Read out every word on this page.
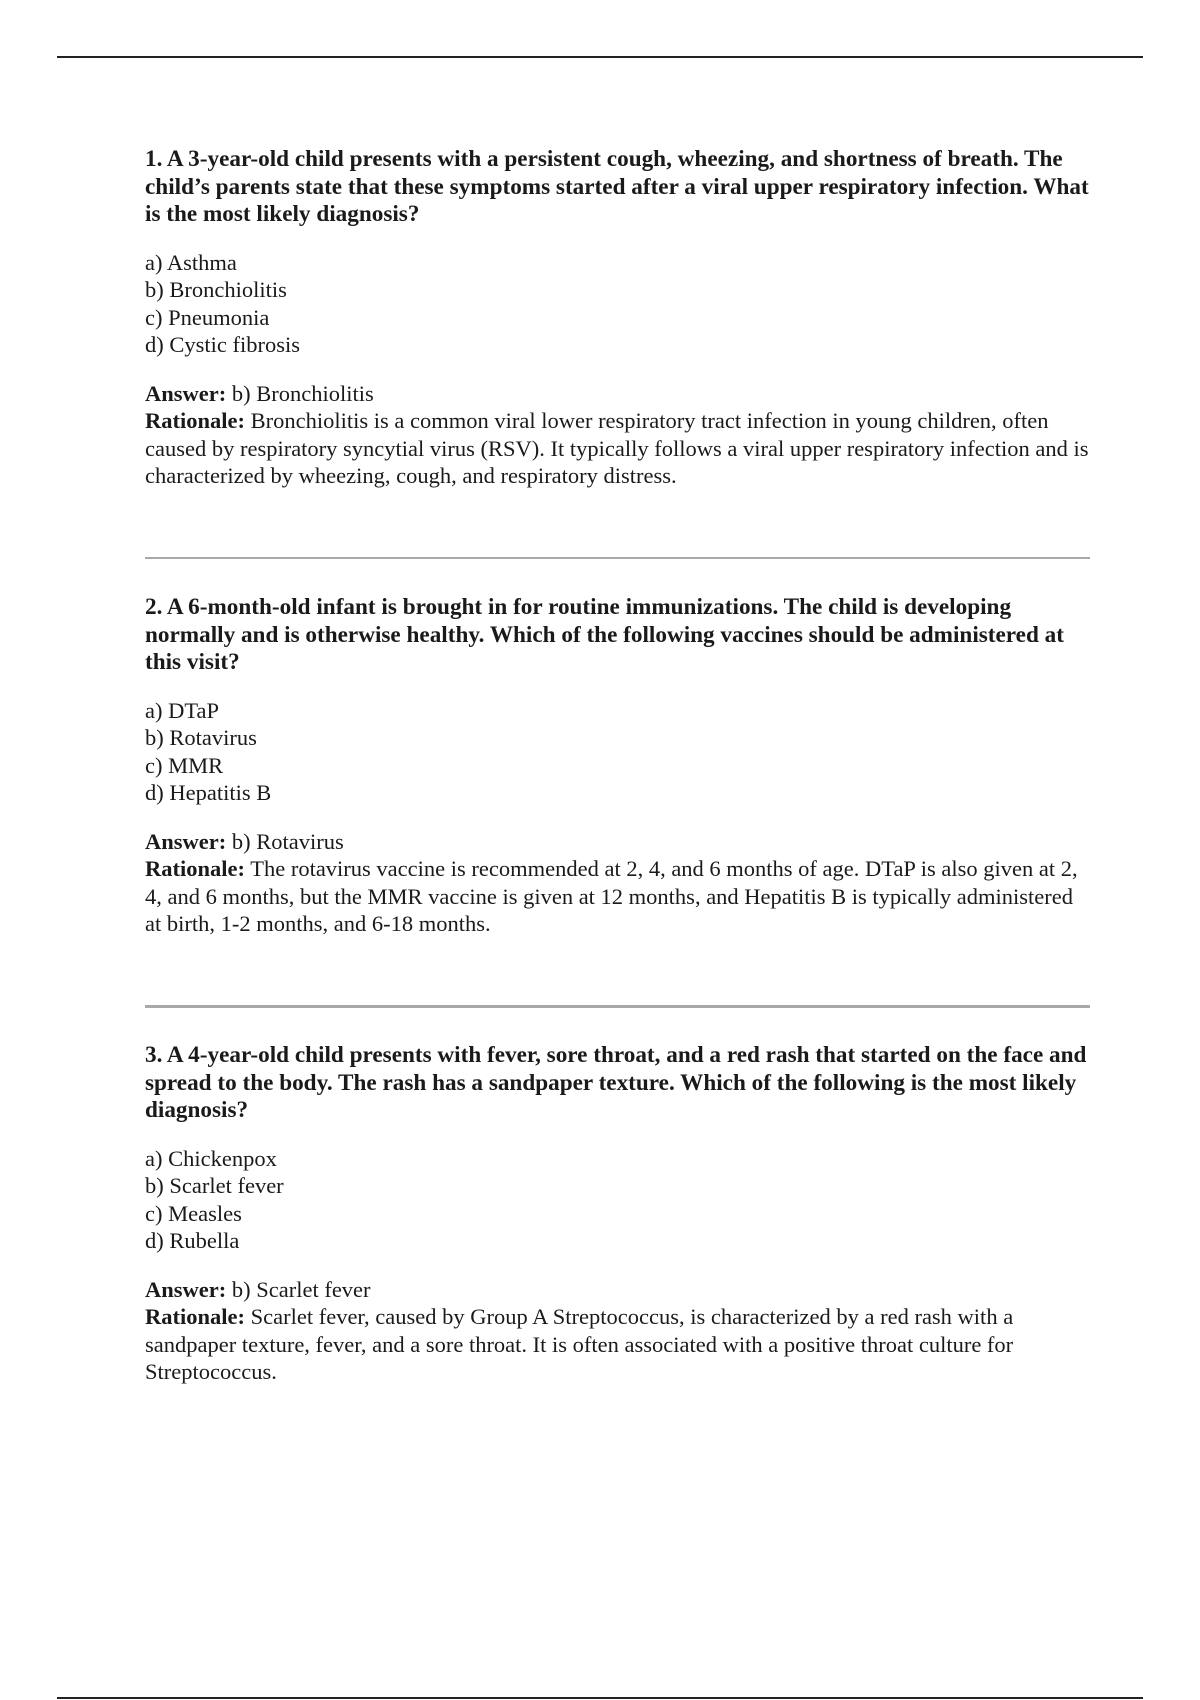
1. A 3-year-old child presents with a persistent cough, wheezing, and shortness of breath. The child’s parents state that these symptoms started after a viral upper respiratory infection. What is the most likely diagnosis?

a) Asthma
b) Bronchiolitis
c) Pneumonia
d) Cystic fibrosis

Answer: b) Bronchiolitis

Rationale: Bronchiolitis is a common viral lower respiratory tract infection in young children, often caused by respiratory syncytial virus (RSV). It typically follows a viral upper respiratory infection and is characterized by wheezing, cough, and respiratory distress.

2. A 6-month-old infant is brought in for routine immunizations. The child is developing normally and is otherwise healthy. Which of the following vaccines should be administered at this visit?

a) DTaP
b) Rotavirus
c) MMR
d) Hepatitis B

Answer: b) Rotavirus

Rationale: The rotavirus vaccine is recommended at 2, 4, and 6 months of age. DTaP is also given at 2, 4, and 6 months, but the MMR vaccine is given at 12 months, and Hepatitis B is typically administered at birth, 1-2 months, and 6-18 months.

3. A 4-year-old child presents with fever, sore throat, and a red rash that started on the face and spread to the body. The rash has a sandpaper texture. Which of the following is the most likely diagnosis?

a) Chickenpox
b) Scarlet fever
c) Measles
d) Rubella

Answer: b) Scarlet fever

Rationale: Scarlet fever, caused by Group A Streptococcus, is characterized by a red rash with a sandpaper texture, fever, and a sore throat. It is often associated with a positive throat culture for Streptococcus.
